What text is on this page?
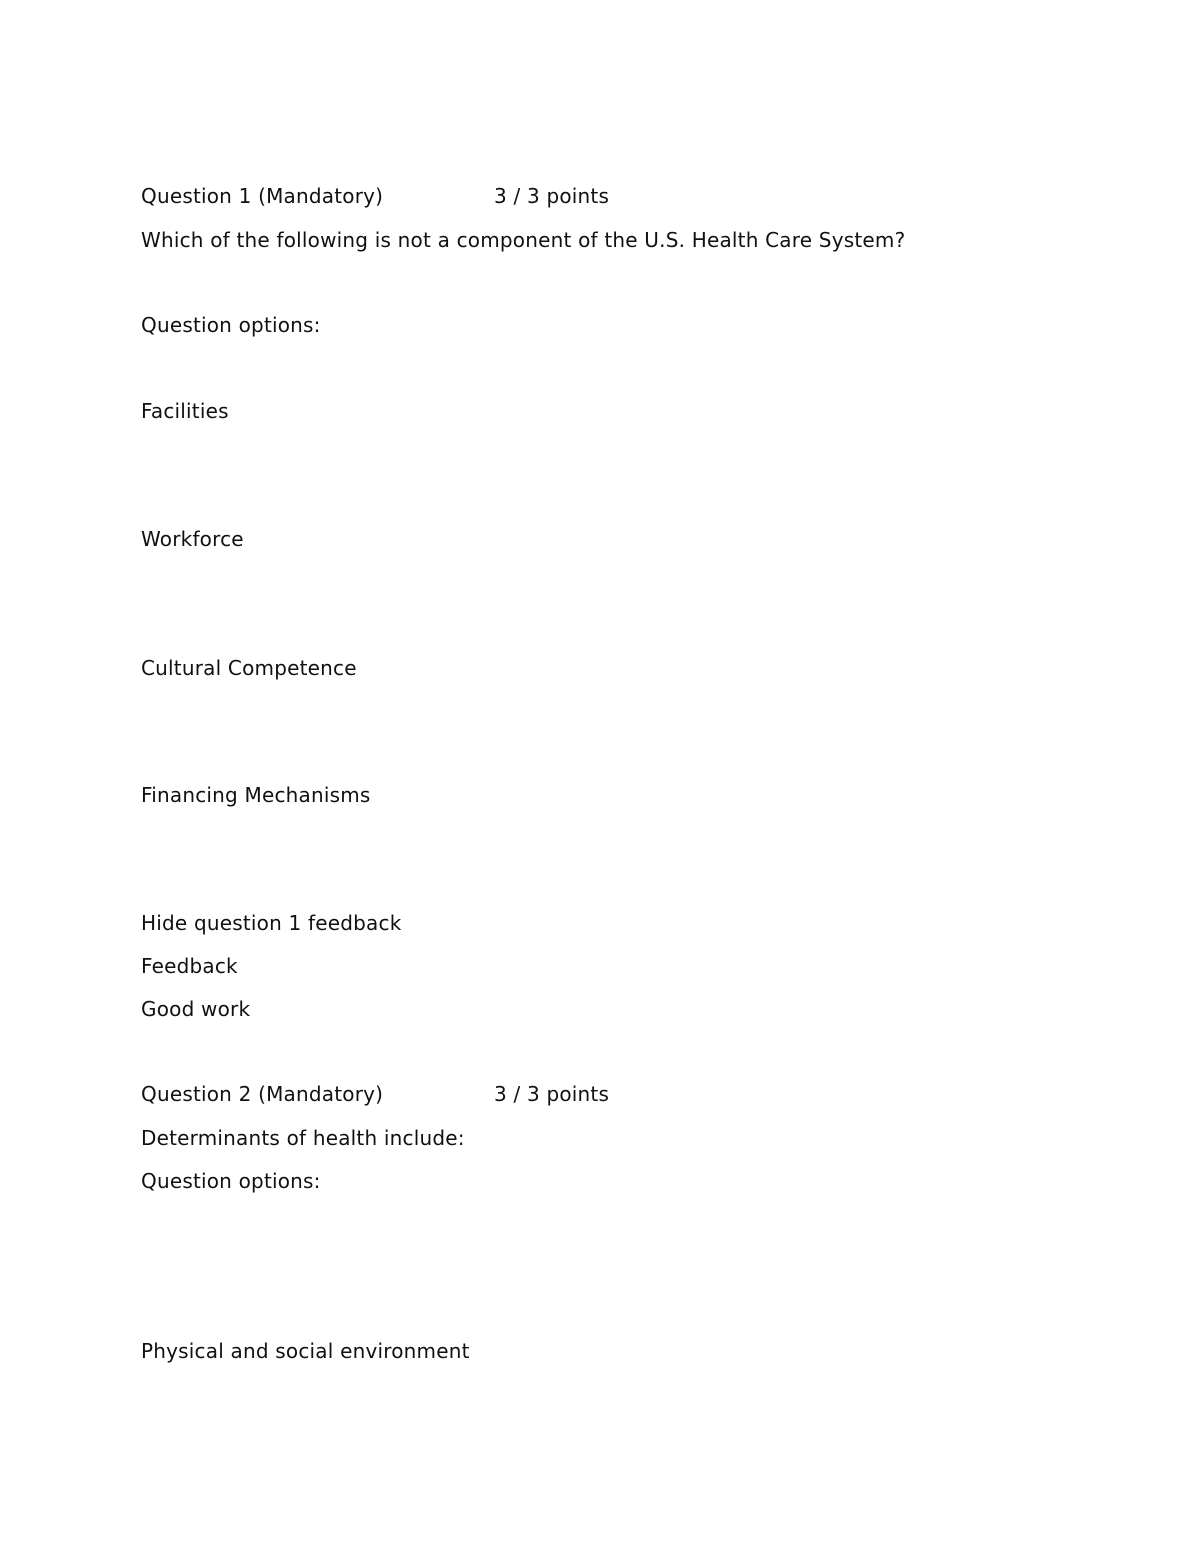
Question 1 (Mandatory)	3 / 3 points
Which of the following is not a component of the U.S. Health Care System?
Question options:
Facilities
Workforce
Cultural Competence
Financing Mechanisms
Hide question 1 feedback
Feedback
Good work
Question 2 (Mandatory)	3 / 3 points
Determinants of health include:
Question options:
Physical and social environment
